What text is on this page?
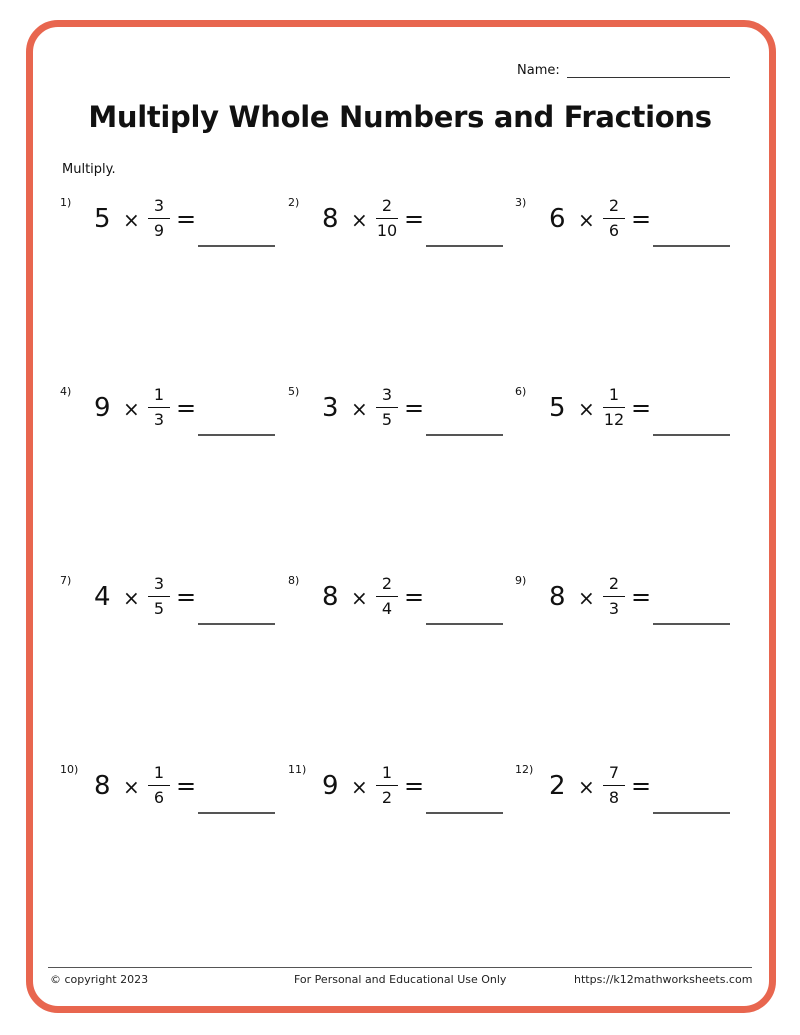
Name:
Multiply Whole Numbers and Fractions
Multiply.
1)
5 ×
3
9 =
2)
8 ×
2
10 =
3)
6 ×
2
6 =
4)
9 ×
1
3 =
5)
3 ×
3
5 =
6)
5 ×
1
12 =
7)
4 ×
3
5 =
8)
8 ×
2
4 =
9)
8 ×
2
3 =
10)
8 ×
1
6 =
11)
9 ×
1
2 =
12)
2 ×
7
8 =
© copyright 2023	For Personal and Educational Use Only	https://k12mathworksheets.com
